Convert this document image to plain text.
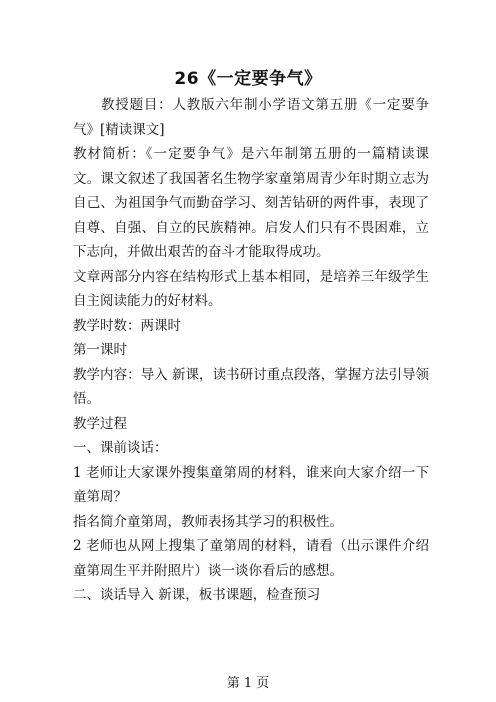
26《一定要争气》

教授题目：人教版六年制小学语文第五册《一定要争气》[精读课文]

教材简析：《一定要争气》是六年制第五册的一篇精读课文。课文叙述了我国著名生物学家童第周青少年时期立志为自己、为祖国争气而勤奋学习、刻苦钻研的两件事，表现了自尊、自强、自立的民族精神。启发人们只有不畏困难，立下志向，并做出艰苦的奋斗才能取得成功。

文章两部分内容在结构形式上基本相同，是培养三年级学生自主阅读能力的好材料。

教学时数：两课时

第一课时

教学内容：导入 新课，读书研讨重点段落，掌握方法引导领悟。

教学过程

一、课前谈话：

1 老师让大家课外搜集童第周的材料，谁来向大家介绍一下童第周？

指名简介童第周，教师表扬其学习的积极性。

2 老师也从网上搜集了童第周的材料，请看（出示课件介绍童第周生平并附照片）谈一谈你看后的感想。

二、谈话导入 新课，板书课题，检查预习

第 1 页
